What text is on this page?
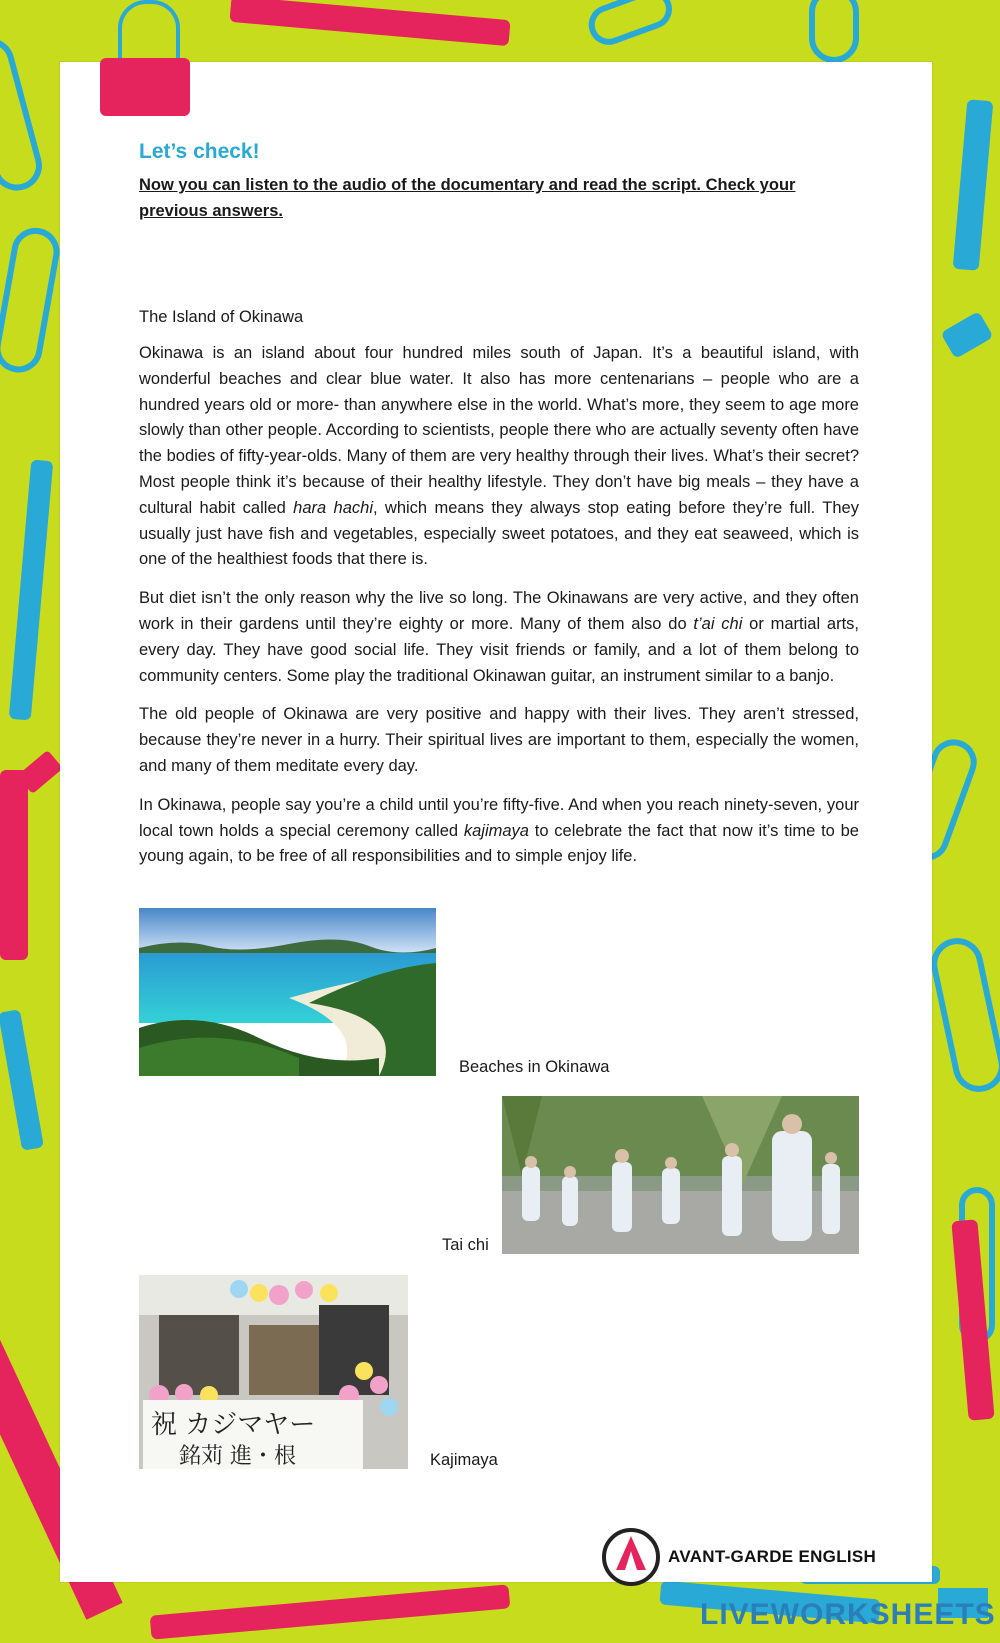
Let’s check!

Now you can listen to the audio of the documentary and read the script. Check your previous answers.

The Island of Okinawa

Okinawa is an island about four hundred miles south of Japan. It’s a beautiful island, with wonderful beaches and clear blue water. It also has more centenarians – people who are a hundred years old or more- than anywhere else in the world. What’s more, they seem to age more slowly than other people. According to scientists, people there who are actually seventy often have the bodies of fifty-year-olds. Many of them are very healthy through their lives. What’s their secret? Most people think it’s because of their healthy lifestyle. They don’t have big meals – they have a cultural habit called hara hachi, which means they always stop eating before they’re full. They usually just have fish and vegetables, especially sweet potatoes, and they eat seaweed, which is one of the healthiest foods that there is.

But diet isn’t the only reason why the live so long. The Okinawans are very active, and they often work in their gardens until they’re eighty or more. Many of them also do t’ai chi or martial arts, every day. They have good social life. They visit friends or family, and a lot of them belong to community centers. Some play the traditional Okinawan guitar, an instrument similar to a banjo.

The old people of Okinawa are very positive and happy with their lives. They aren’t stressed, because they’re never in a hurry. Their spiritual lives are important to them, especially the women, and many of them meditate every day.

In Okinawa, people say you’re a child until you’re fifty-five. And when you reach ninety-seven, your local town holds a special ceremony called kajimaya to celebrate the fact that now it’s time to be young again, to be free of all responsibilities and to simple enjoy life.

Beaches in Okinawa
Tai chi
祝 カジマヤー
銘苅 進・根	Kajimaya
AVANT-GARDE ENGLISH
LIVEWORKSHEETS
